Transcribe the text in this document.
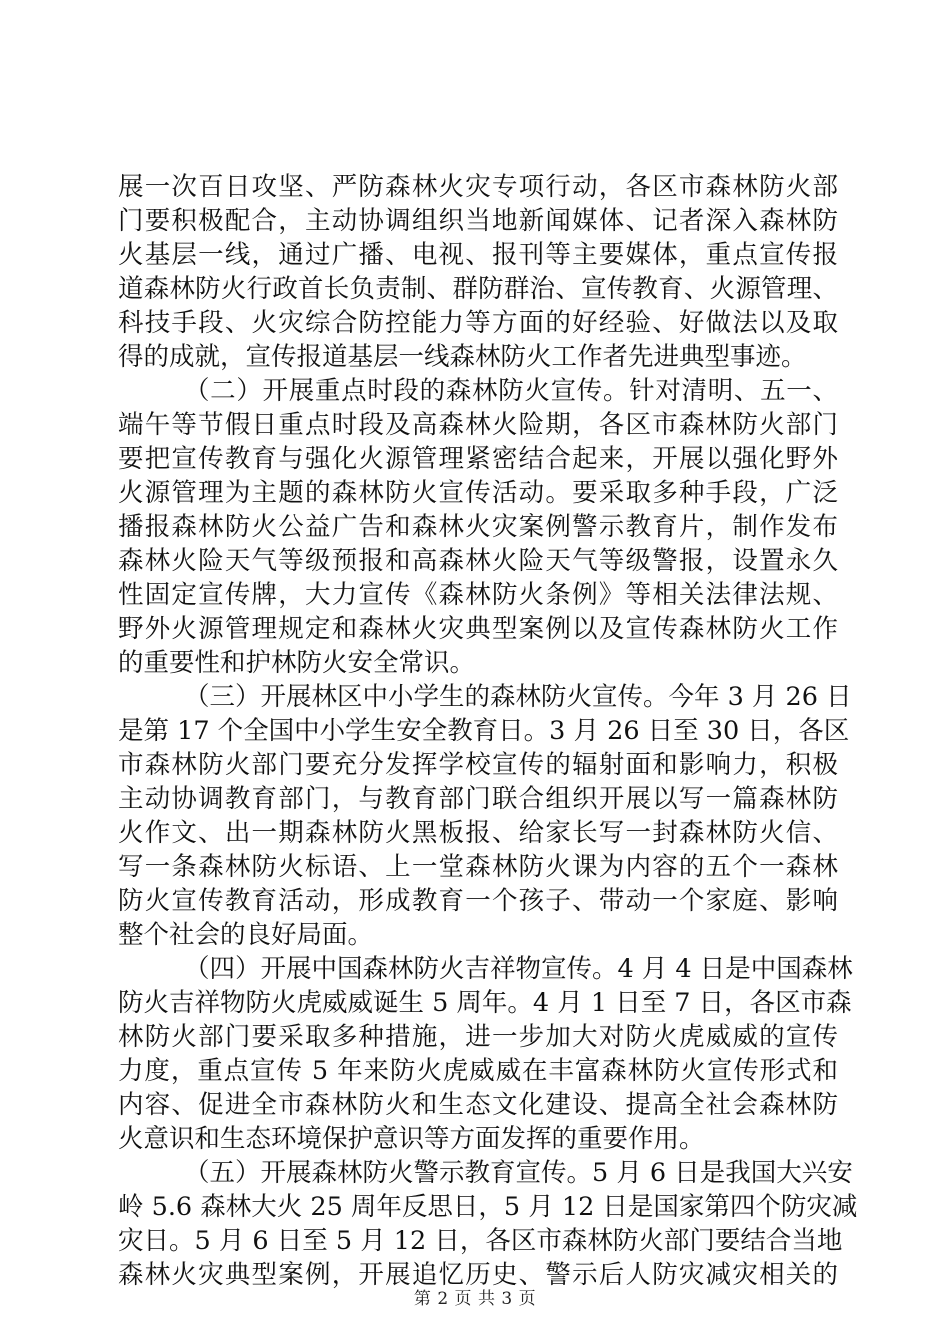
展一次百日攻坚、严防森林火灾专项行动，各区市森林防火部
门要积极配合，主动协调组织当地新闻媒体、记者深入森林防
火基层一线，通过广播、电视、报刊等主要媒体，重点宣传报
道森林防火行政首长负责制、群防群治、宣传教育、火源管理、
科技手段、火灾综合防控能力等方面的好经验、好做法以及取
得的成就，宣传报道基层一线森林防火工作者先进典型事迹。
（二）开展重点时段的森林防火宣传。针对清明、五一、
端午等节假日重点时段及高森林火险期，各区市森林防火部门
要把宣传教育与强化火源管理紧密结合起来，开展以强化野外
火源管理为主题的森林防火宣传活动。要采取多种手段，广泛
播报森林防火公益广告和森林火灾案例警示教育片，制作发布
森林火险天气等级预报和高森林火险天气等级警报，设置永久
性固定宣传牌，大力宣传《森林防火条例》等相关法律法规、
野外火源管理规定和森林火灾典型案例以及宣传森林防火工作
的重要性和护林防火安全常识。
（三）开展林区中小学生的森林防火宣传。今年 3 月 26 日
是第 17 个全国中小学生安全教育日。3 月 26 日至 30 日，各区
市森林防火部门要充分发挥学校宣传的辐射面和影响力，积极
主动协调教育部门，与教育部门联合组织开展以写一篇森林防
火作文、出一期森林防火黑板报、给家长写一封森林防火信、
写一条森林防火标语、上一堂森林防火课为内容的五个一森林
防火宣传教育活动，形成教育一个孩子、带动一个家庭、影响
整个社会的良好局面。
（四）开展中国森林防火吉祥物宣传。4 月 4 日是中国森林
防火吉祥物防火虎威威诞生 5 周年。4 月 1 日至 7 日，各区市森
林防火部门要采取多种措施，进一步加大对防火虎威威的宣传
力度，重点宣传 5 年来防火虎威威在丰富森林防火宣传形式和
内容、促进全市森林防火和生态文化建设、提高全社会森林防
火意识和生态环境保护意识等方面发挥的重要作用。
（五）开展森林防火警示教育宣传。5 月 6 日是我国大兴安
岭 5.6 森林大火 25 周年反思日，5 月 12 日是国家第四个防灾减
灾日。5 月 6 日至 5 月 12 日，各区市森林防火部门要结合当地
森林火灾典型案例，开展追忆历史、警示后人防灾减灾相关的
第 2 页 共 3 页
